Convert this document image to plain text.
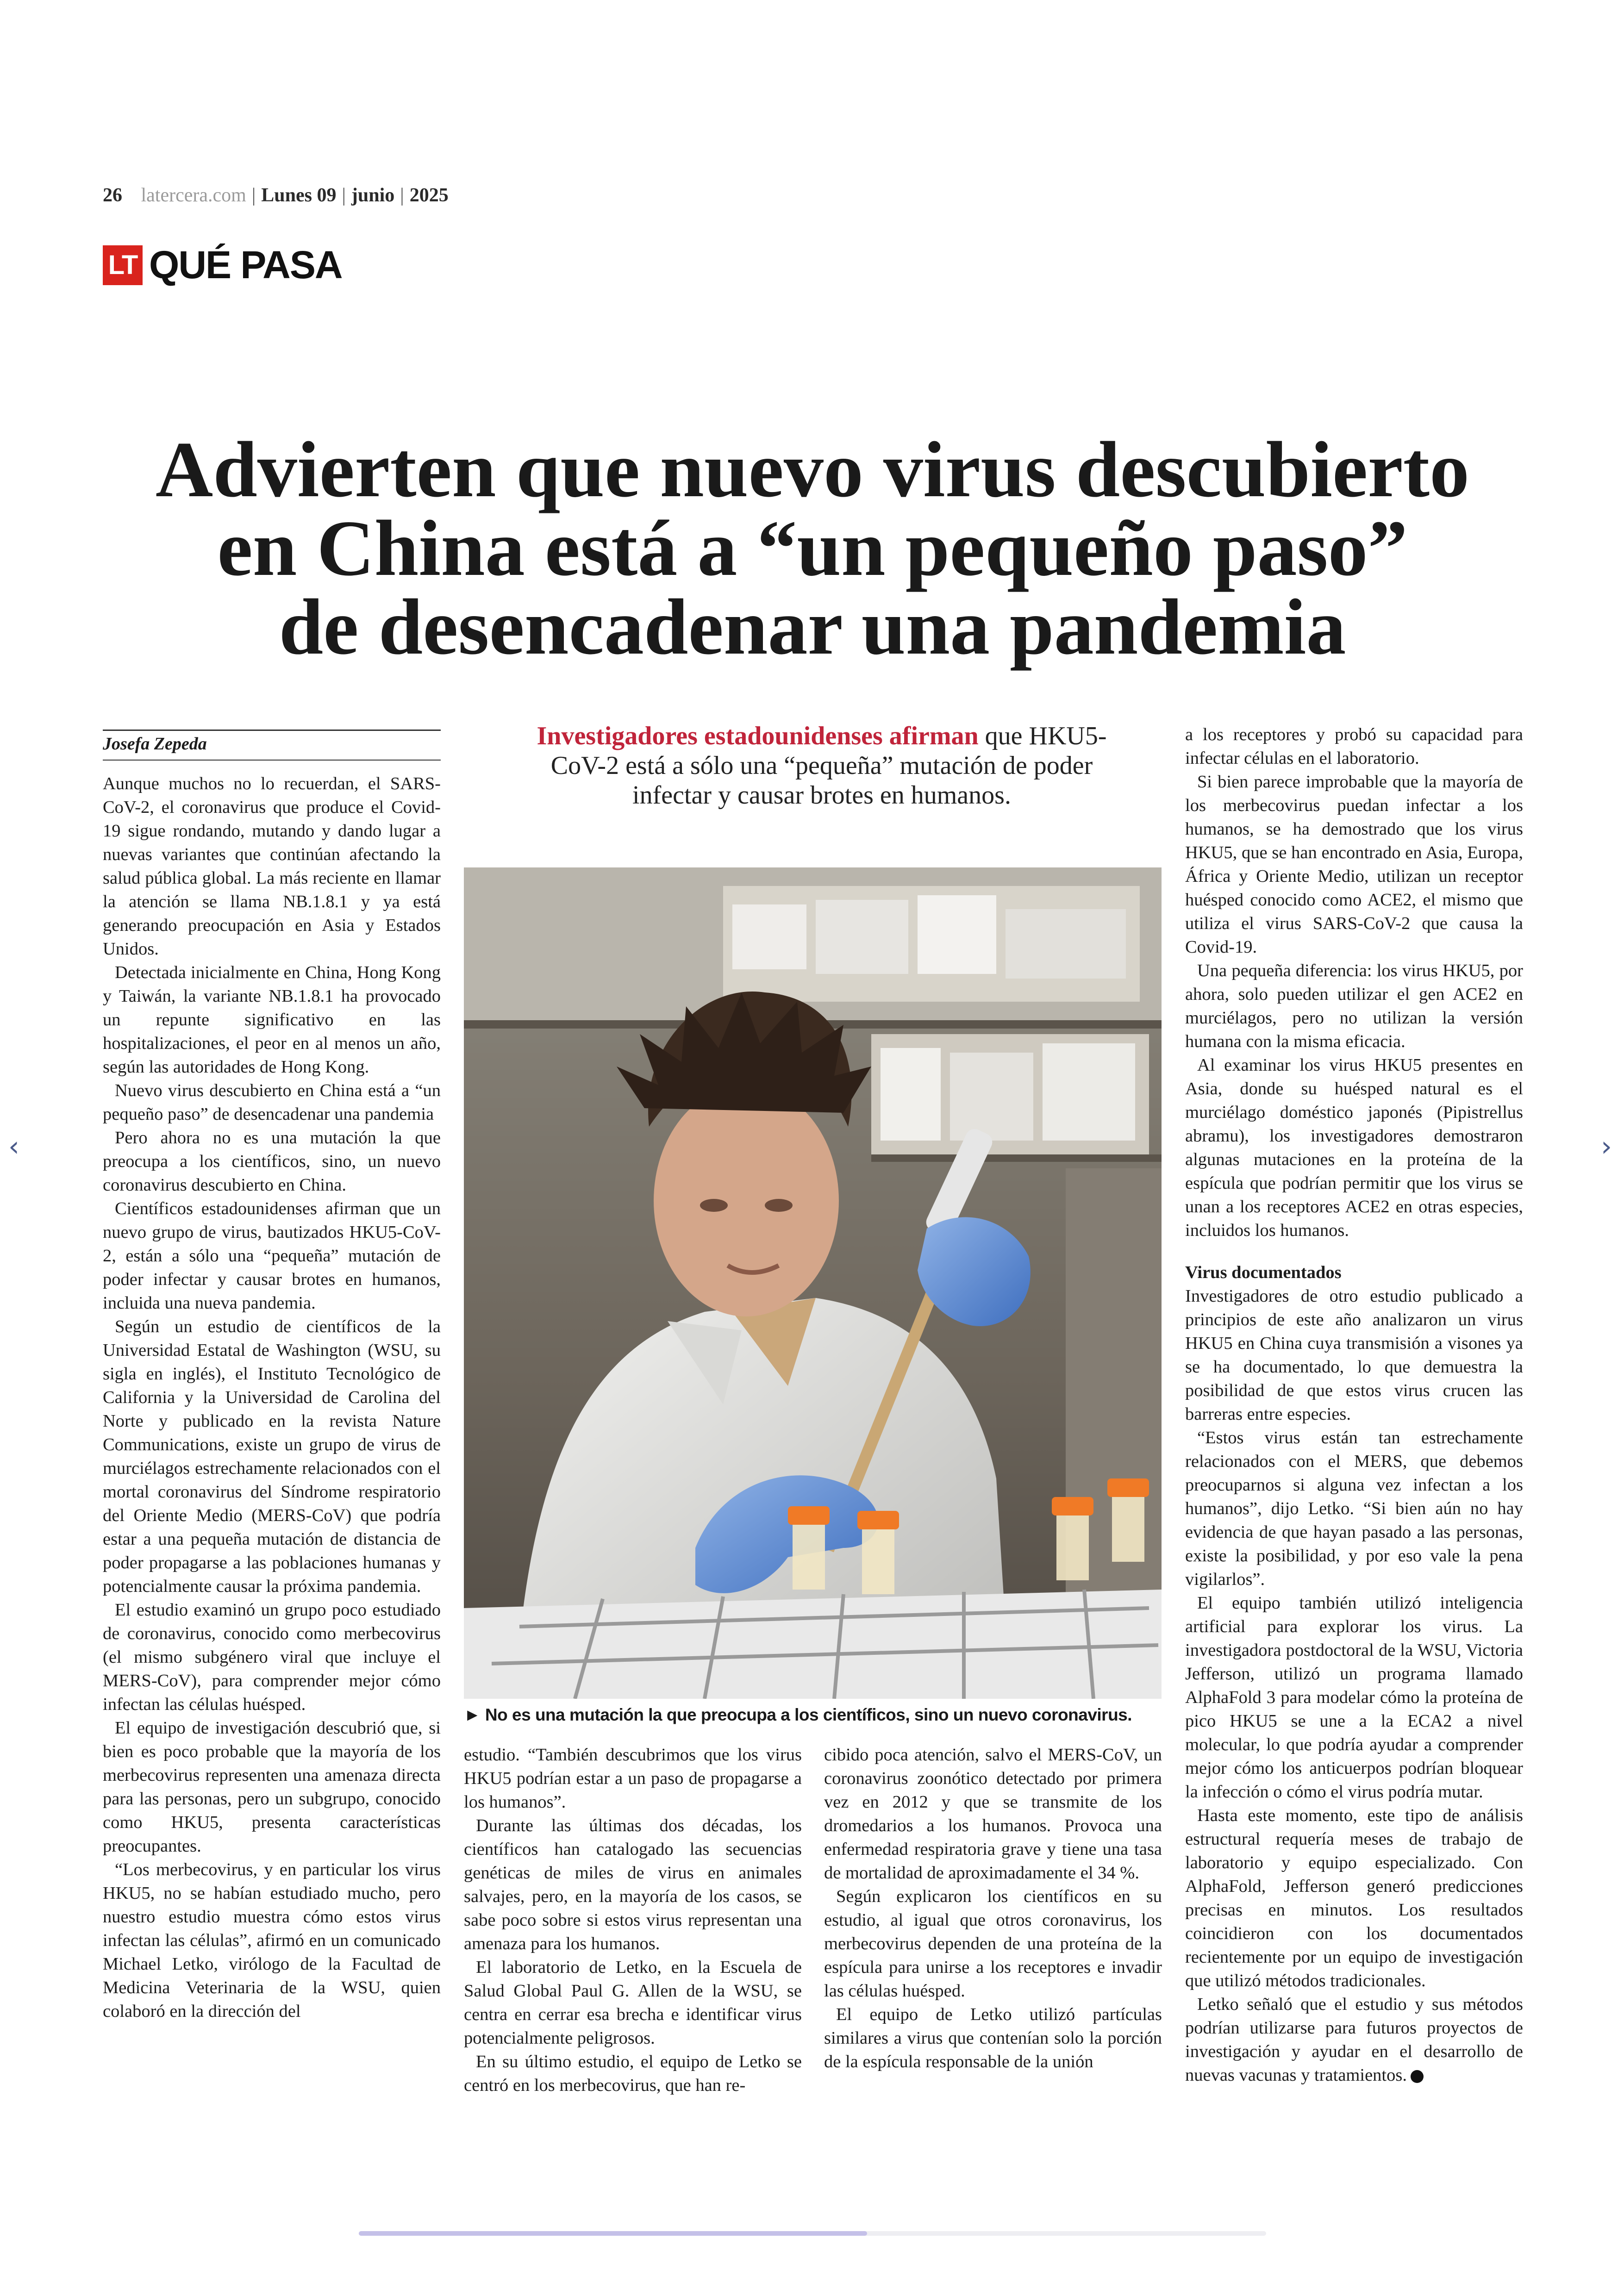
26 latercera.com | Lunes 09 | junio | 2025
LT QUÉ PASA
Advierten que nuevo virus descubierto
en China está a “un pequeño paso”
de desencadenar una pandemia
Josefa Zepeda

Aunque muchos no lo recuerdan, el SARS-CoV-2, el coronavirus que produce el Covid-19 sigue rondando, mutando y dando lugar a nuevas variantes que continúan afectando la salud pública global. La más reciente en llamar la atención se llama NB.1.8.1 y ya está generando preocupación en Asia y Estados Unidos.

Detectada inicialmente en China, Hong Kong y Taiwán, la variante NB.1.8.1 ha provocado un repunte significativo en las hospitalizaciones, el peor en al menos un año, según las autoridades de Hong Kong.

Nuevo virus descubierto en China está a “un pequeño paso” de desencadenar una pandemia

Pero ahora no es una mutación la que preocupa a los científicos, sino, un nuevo coronavirus descubierto en China.

Científicos estadounidenses afirman que un nuevo grupo de virus, bautizados HKU5-CoV-2, están a sólo una “pequeña” mutación de poder infectar y causar brotes en humanos, incluida una nueva pandemia.

Según un estudio de científicos de la Universidad Estatal de Washington (WSU, su sigla en inglés), el Instituto Tecnológico de California y la Universidad de Carolina del Norte y publicado en la revista Nature Communications, existe un grupo de virus de murciélagos estrechamente relacionados con el mortal coronavirus del Síndrome respiratorio del Oriente Medio (MERS-CoV) que podría estar a una pequeña mutación de distancia de poder propagarse a las poblaciones humanas y potencialmente causar la próxima pandemia.

El estudio examinó un grupo poco estudiado de coronavirus, conocido como merbecovirus (el mismo subgénero viral que incluye el MERS-CoV), para comprender mejor cómo infectan las células huésped.

El equipo de investigación descubrió que, si bien es poco probable que la mayoría de los merbecovirus representen una amenaza directa para las personas, pero un subgrupo, conocido como HKU5, presenta características preocupantes.

“Los merbecovirus, y en particular los virus HKU5, no se habían estudiado mucho, pero nuestro estudio muestra cómo estos virus infectan las células”, afirmó en un comunicado Michael Letko, virólogo de la Facultad de Medicina Veterinaria de la WSU, quien colaboró en la dirección del

Investigadores estadounidenses afirman que HKU5-CoV-2 está a sólo una “pequeña” mutación de poder infectar y causar brotes en humanos.
► No es una mutación la que preocupa a los científicos, sino un nuevo coronavirus.

estudio. “También descubrimos que los virus HKU5 podrían estar a un paso de propagarse a los humanos”.

Durante las últimas dos décadas, los científicos han catalogado las secuencias genéticas de miles de virus en animales salvajes, pero, en la mayoría de los casos, se sabe poco sobre si estos virus representan una amenaza para los humanos.

El laboratorio de Letko, en la Escuela de Salud Global Paul G. Allen de la WSU, se centra en cerrar esa brecha e identificar virus potencialmente peligrosos.

En su último estudio, el equipo de Letko se centró en los merbecovirus, que han re-

cibido poca atención, salvo el MERS-CoV, un coronavirus zoonótico detectado por primera vez en 2012 y que se transmite de los dromedarios a los humanos. Provoca una enfermedad respiratoria grave y tiene una tasa de mortalidad de aproximadamente el 34 %.

Según explicaron los científicos en su estudio, al igual que otros coronavirus, los merbecovirus dependen de una proteína de la espícula para unirse a los receptores e invadir las células huésped.

El equipo de Letko utilizó partículas similares a virus que contenían solo la porción de la espícula responsable de la unión

a los receptores y probó su capacidad para infectar células en el laboratorio.

Si bien parece improbable que la mayoría de los merbecovirus puedan infectar a los humanos, se ha demostrado que los virus HKU5, que se han encontrado en Asia, Europa, África y Oriente Medio, utilizan un receptor huésped conocido como ACE2, el mismo que utiliza el virus SARS-CoV-2 que causa la Covid-19.

Una pequeña diferencia: los virus HKU5, por ahora, solo pueden utilizar el gen ACE2 en murciélagos, pero no utilizan la versión humana con la misma eficacia.

Al examinar los virus HKU5 presentes en Asia, donde su huésped natural es el murciélago doméstico japonés (Pipistrellus abramu), los investigadores demostraron algunas mutaciones en la proteína de la espícula que podrían permitir que los virus se unan a los receptores ACE2 en otras especies, incluidos los humanos.

Virus documentados

Investigadores de otro estudio publicado a principios de este año analizaron un virus HKU5 en China cuya transmisión a visones ya se ha documentado, lo que demuestra la posibilidad de que estos virus crucen las barreras entre especies.

“Estos virus están tan estrechamente relacionados con el MERS, que debemos preocuparnos si alguna vez infectan a los humanos”, dijo Letko. “Si bien aún no hay evidencia de que hayan pasado a las personas, existe la posibilidad, y por eso vale la pena vigilarlos”.

El equipo también utilizó inteligencia artificial para explorar los virus. La investigadora postdoctoral de la WSU, Victoria Jefferson, utilizó un programa llamado AlphaFold 3 para modelar cómo la proteína de pico HKU5 se une a la ECA2 a nivel molecular, lo que podría ayudar a comprender mejor cómo los anticuerpos podrían bloquear la infección o cómo el virus podría mutar.

Hasta este momento, este tipo de análisis estructural requería meses de trabajo de laboratorio y equipo especializado. Con AlphaFold, Jefferson generó predicciones precisas en minutos. Los resultados coincidieron con los documentados recientemente por un equipo de investigación que utilizó métodos tradicionales.

Letko señaló que el estudio y sus métodos podrían utilizarse para futuros proyectos de investigación y ayudar en el desarrollo de nuevas vacunas y tratamientos.

‹	›
